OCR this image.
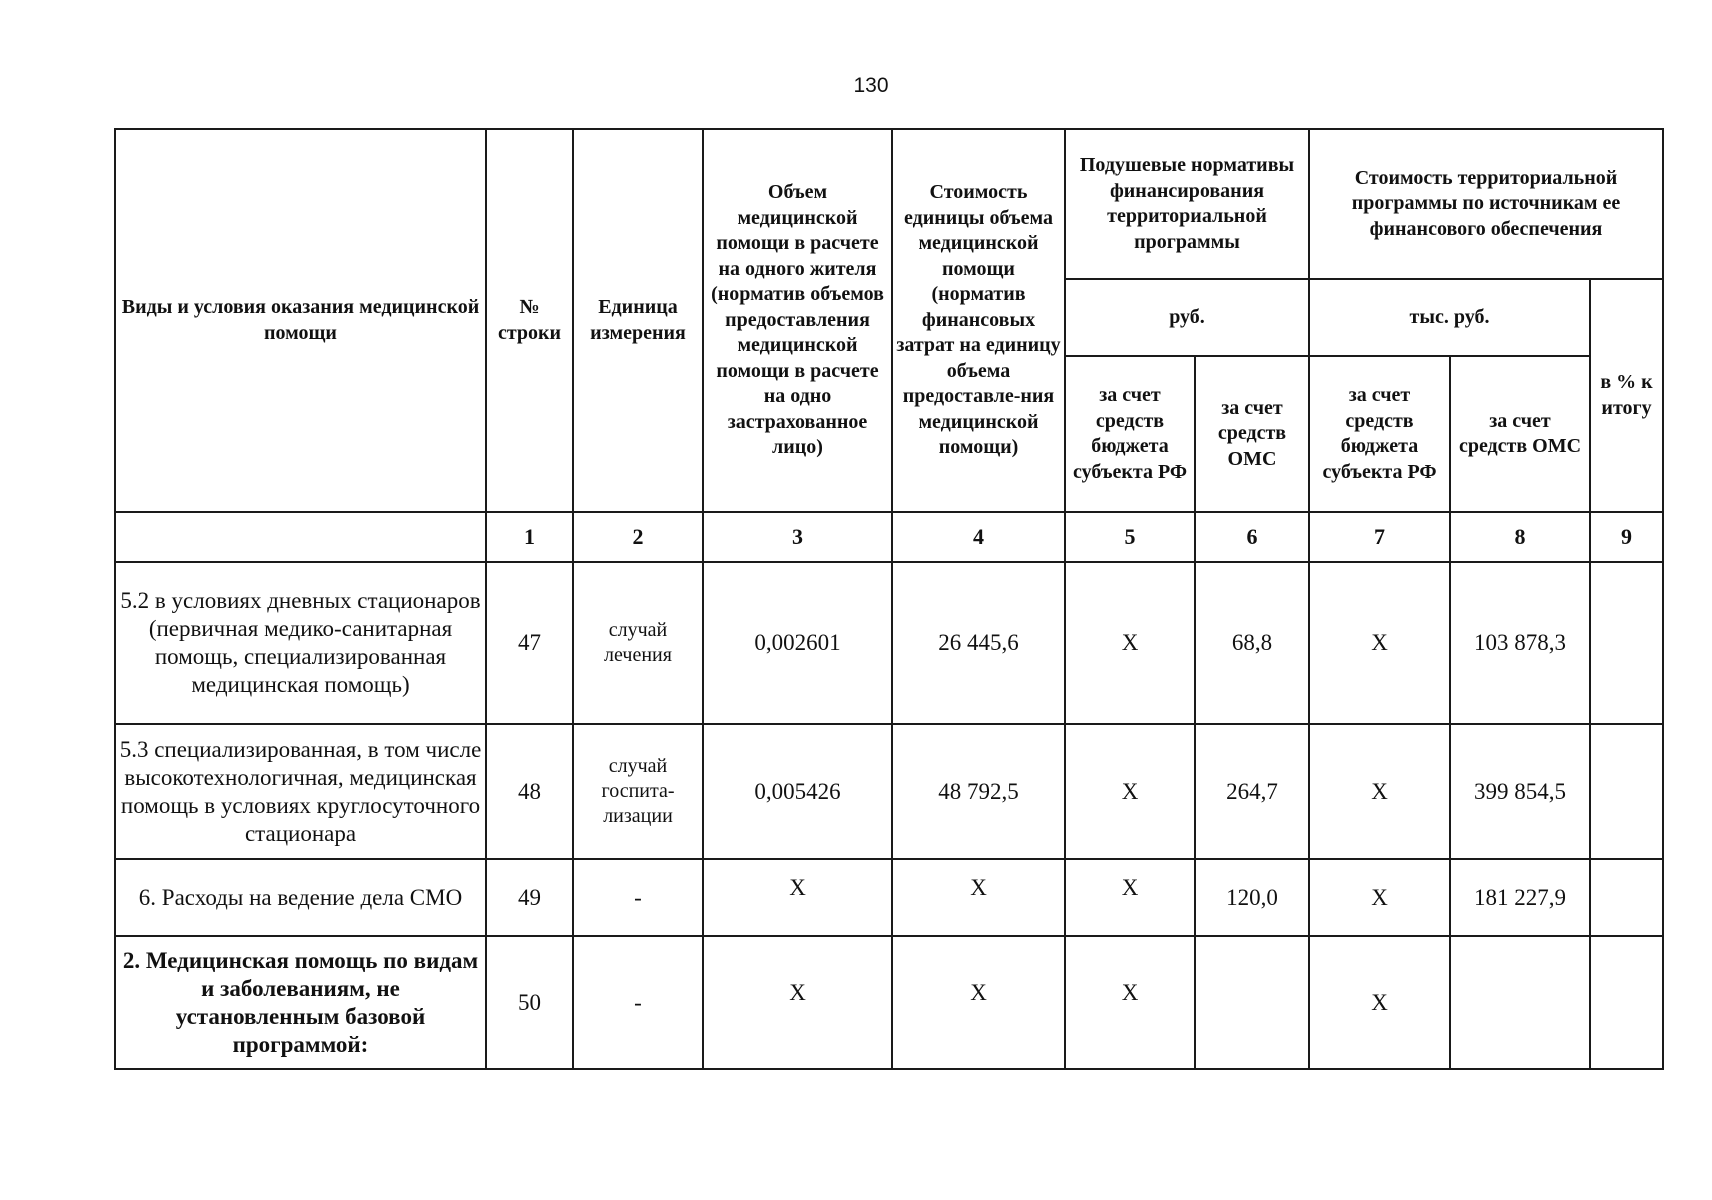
130
Виды и условия оказания медицинской помощи	№ строки	Единица измерения	Объем медицинской помощи в расчете на одного жителя (норматив объемов предоставления медицинской помощи в расчете на одно застрахованное лицо)	Стоимость единицы объема медицинской помощи (норматив финансовых затрат на единицу объема предоставле-ния медицинской помощи)	Подушевые нормативы финансирования территориальной программы		Стоимость территориальной программы по источникам ее финансового обеспечения		
					руб.		тыс. руб.		в % к итогу
					за счет средств бюджета субъекта РФ	за счет средств ОМС	за счет средств бюджета субъекта РФ	за счет средств ОМС	
	1	2	3	4	5	6	7	8	9
5.2 в условиях дневных стационаров (первичная медико-санитарная помощь, специализированная медицинская помощь)	47	случай лечения	0,002601	26 445,6	X	68,8	X	103 878,3	
5.3 специализированная, в том числе высокотехнологичная, медицинская помощь в условиях круглосуточного стационара	48	случай госпита-лизации	0,005426	48 792,5	X	264,7	X	399 854,5	
6. Расходы на ведение дела СМО	49	-	X	X	X	120,0	X	181 227,9	
2. Медицинская помощь по видам и заболеваниям, не установленным базовой программой:	50	-	X	X	X		X		
